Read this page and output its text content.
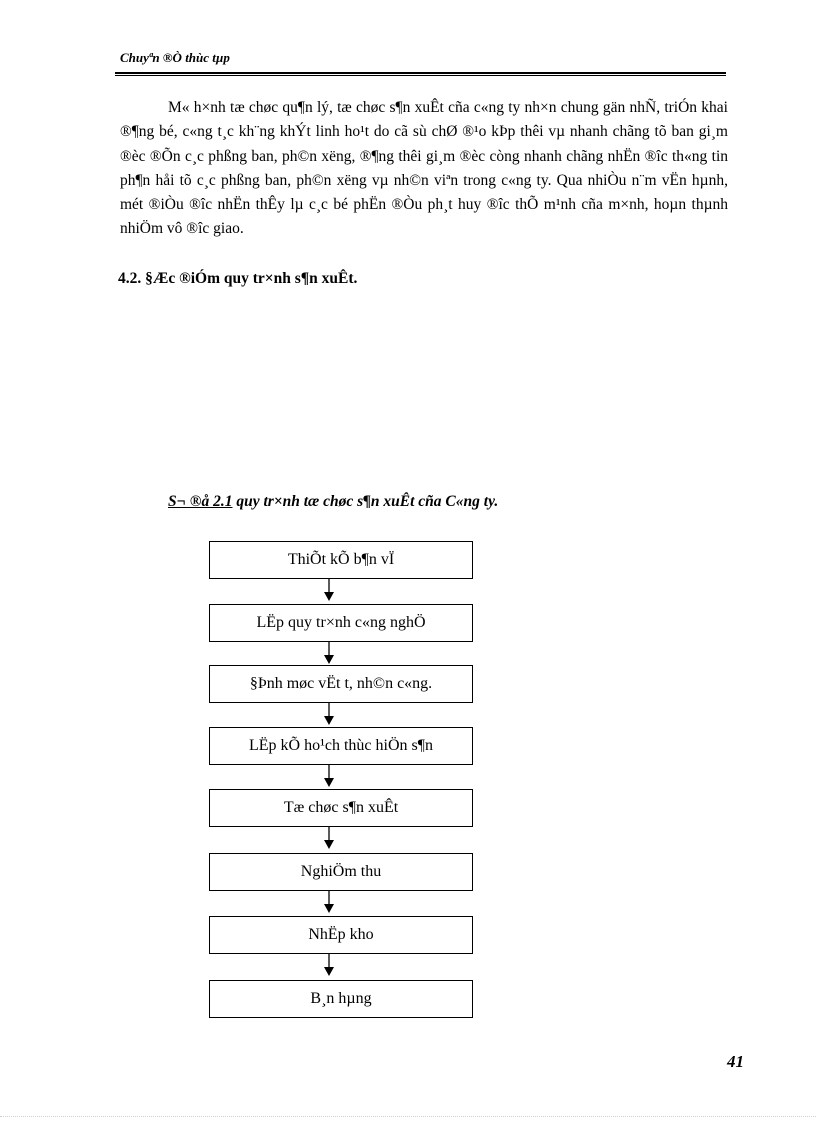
Chuyªn ®Ò thùc tµp

M« h×nh tæ chøc qu¶n lý, tæ chøc s¶n xuÊt cña c«ng ty nh×n chung gän nhÑ, triÓn khai ®¶ng bé, c«ng t¸c kh¨ng khÝt linh ho¹t do cã sù chØ ®¹o kÞp thêi vµ nhanh chãng tõ ban gi¸m ®èc ®Õn c¸c phßng ban, ph©n xëng, ®¶ng thêi gi¸m ®èc còng nhanh chãng nhËn ®îc th«ng tin ph¶n håi tõ c¸c phßng ban, ph©n xëng vµ nh©n viªn trong c«ng ty. Qua nhiÒu n¨m vËn hµnh, mét ®iÒu ®îc nhËn thÊy lµ c¸c bé phËn ®Òu ph¸t huy ®îc thÕ m¹nh cña m×nh, hoµn thµnh nhiÖm vô ®îc giao.

4.2. §Æc ®iÓm quy tr×nh s¶n xuÊt.

S¬ ®å 2.1 quy tr×nh tæ chøc s¶n xuÊt cña C«ng ty.
ThiÕt kÕ b¶n vÏ
LËp quy tr×nh c«ng nghÖ
§Þnh møc vËt t, nh©n c«ng.
LËp kÕ ho¹ch thùc hiÖn s¶n
Tæ chøc s¶n xuÊt
NghiÖm thu
NhËp kho
B¸n hµng
41
